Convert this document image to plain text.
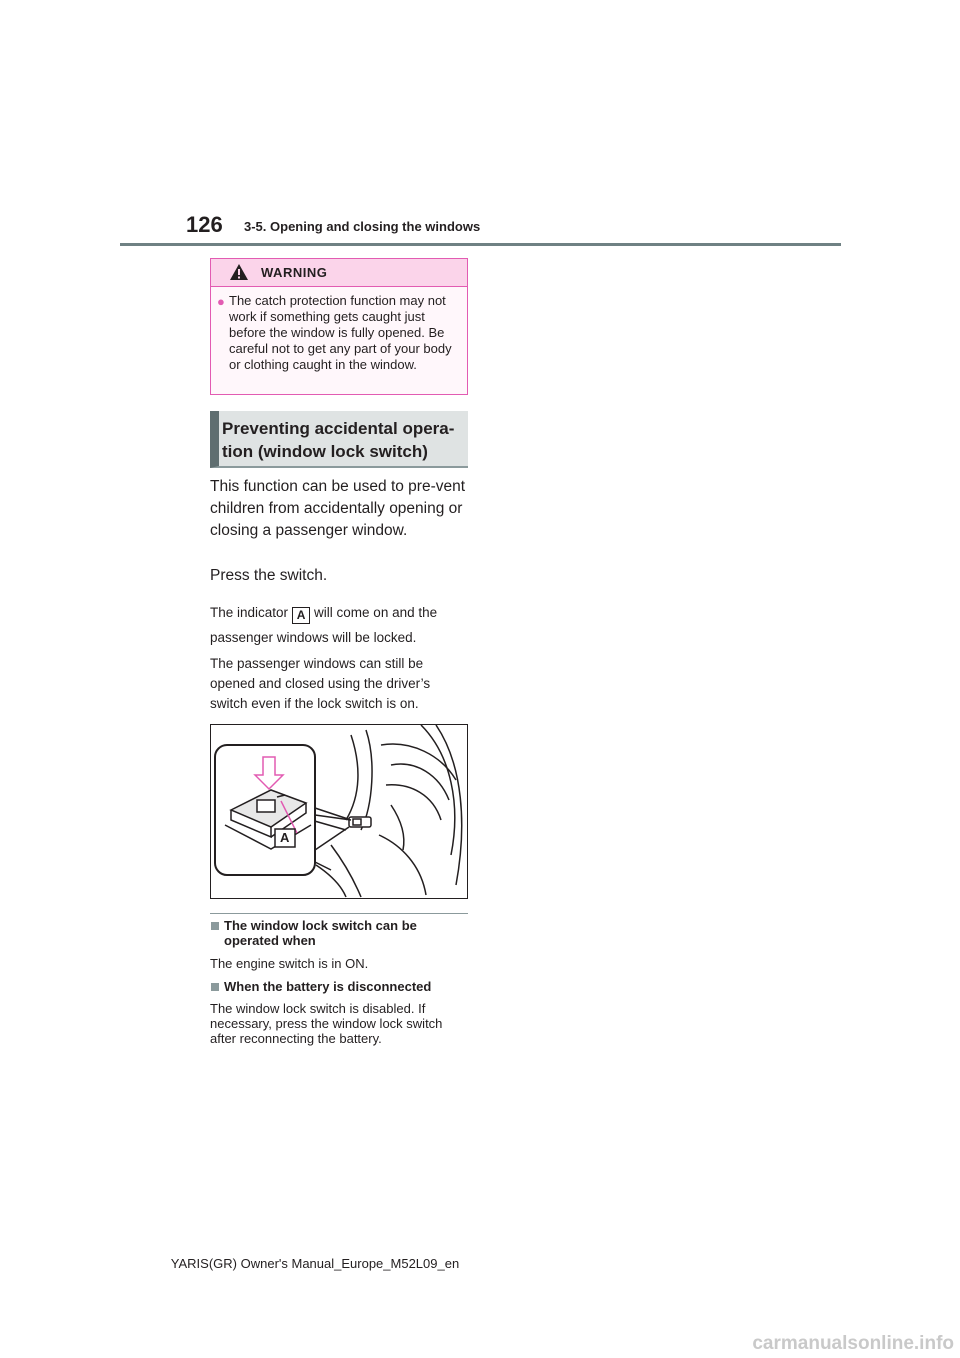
126 3-5. Opening and closing the windows
WARNING
● The catch protection function may not work if something gets caught just before the window is fully opened. Be careful not to get any part of your body or clothing caught in the window.
Preventing accidental opera-tion (window lock switch)
This function can be used to pre-vent children from accidentally opening or closing a passenger window.
Press the switch.
The indicator A will come on and the
passenger windows will be locked.
The passenger windows can still be opened and closed using the driver’s switch even if the lock switch is on.
A
The window lock switch can be operated when
The engine switch is in ON.
When the battery is disconnected
The window lock switch is disabled. If necessary, press the window lock switch after reconnecting the battery.
YARIS(GR) Owner's Manual_Europe_M52L09_en
carmanualsonline.info
